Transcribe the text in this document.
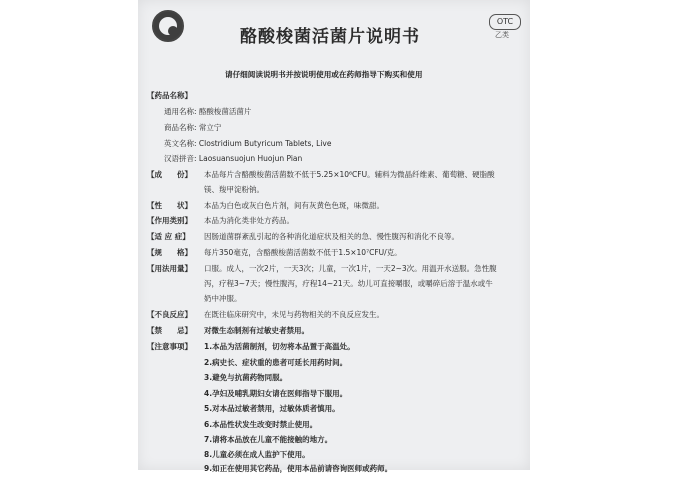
OTC
乙类
酪酸梭菌活菌片说明书
请仔细阅读说明书并按说明使用或在药师指导下购买和使用
【药品名称】
通用名称: 酪酸梭菌活菌片
商品名称: 常立宁
英文名称: Clostridium Butyricum Tablets, Live
汉语拼音: Laosuansuojun Huojun Pian
【成　　份】 本品每片含酪酸梭菌活菌数不低于5.25×10⁶CFU。辅料为微晶纤维素、葡萄糖、硬脂酸
镁、羧甲淀粉钠。
【性　　状】 本品为白色或灰白色片剂，间有灰黄色色斑，味微甜。
【作用类别】 本品为消化类非处方药品。
【适 应 症】 因肠道菌群紊乱引起的各种消化道症状及相关的急、慢性腹泻和消化不良等。
【规　　格】 每片350毫克，含酪酸梭菌活菌数不低于1.5×10⁷CFU/克。
【用法用量】 口服。成人，一次2片，一天3次；儿童，一次1片，一天2~3次。用温开水送服。急性腹
泻，疗程3~7天；慢性腹泻，疗程14~21天。幼儿可直接嚼服，或嚼碎后溶于温水或牛
奶中冲服。
【不良反应】 在既往临床研究中，未见与药物相关的不良反应发生。
【禁　　忌】 对微生态制剂有过敏史者禁用。
【注意事项】 1.本品为活菌制剂，切勿将本品置于高温处。
2.病史长、症状重的患者可延长用药时间。
3.避免与抗菌药物同服。
4.孕妇及哺乳期妇女请在医师指导下服用。
5.对本品过敏者禁用，过敏体质者慎用。
6.本品性状发生改变时禁止使用。
7.请将本品放在儿童不能接触的地方。
8.儿童必须在成人监护下使用。
9.如正在使用其它药品，使用本品前请咨询医师或药师。
